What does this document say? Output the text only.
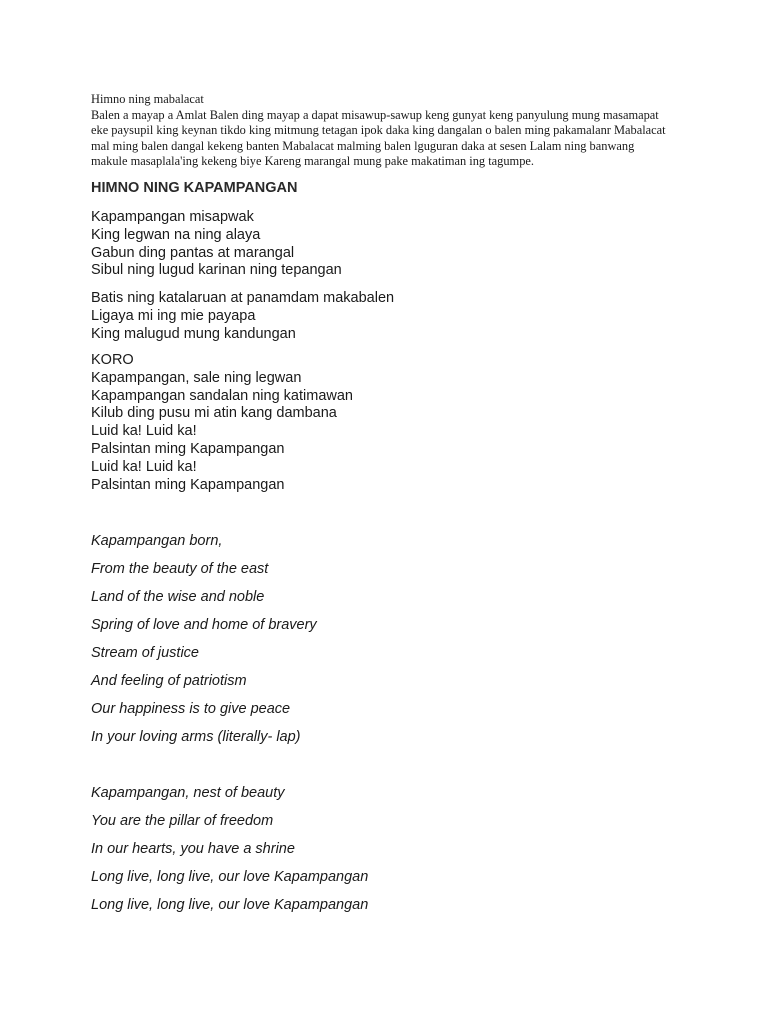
Himno ning mabalacat
Balen a mayap a Amlat Balen ding mayap a dapat misawup-sawup keng gunyat keng panyulung mung masamapat
eke paysupil king keynan tikdo king mitmung tetagan ipok daka king dangalan o balen ming pakamalanr Mabalacat
mal ming balen dangal kekeng banten Mabalacat malming balen lguguran daka at sesen Lalam ning banwang
makule masaplala'ing kekeng biye Kareng marangal mung pake makatiman ing tagumpe.
HIMNO NING KAPAMPANGAN
Kapampangan misapwak
King legwan na ning alaya
Gabun ding pantas at marangal
Sibul ning lugud karinan ning tepangan
Batis ning katalaruan at panamdam makabalen
Ligaya mi ing mie payapa
King malugud mung kandungan
KORO
Kapampangan, sale ning legwan
Kapampangan sandalan ning katimawan
Kilub ding pusu mi atin kang dambana
Luid ka! Luid ka!
Palsintan ming Kapampangan
Luid ka! Luid ka!
Palsintan ming Kapampangan
Kapampangan born,
From the beauty of the east
Land of the wise and noble
Spring of love and home of bravery
Stream of justice
And feeling of patriotism
Our happiness is to give peace
In your loving arms (literally- lap)
Kapampangan, nest of beauty
You are the pillar of freedom
In our hearts, you have a shrine
Long live, long live, our love Kapampangan
Long live, long live, our love Kapampangan
